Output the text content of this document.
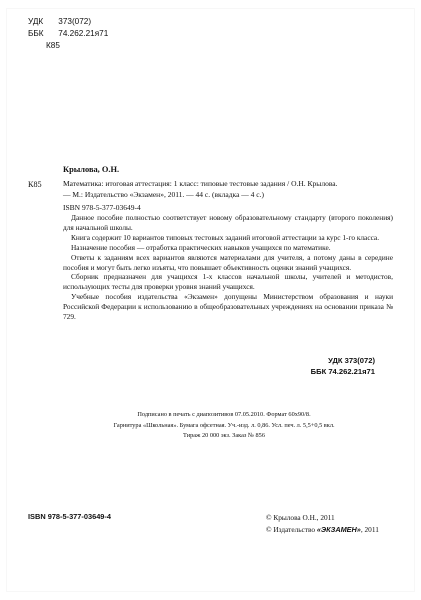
УДК 373(072)
ББК 74.262.21я71
К85
Крылова, О.Н.
К85	Математика: итоговая аттестация: 1 класс: типовые тестовые задания / О.Н. Крылова.
— М.: Издательство «Экзамен», 2011. — 44 с. (вкладка — 4 с.)
ISBN 978-5-377-03649-4

Данное пособие полностью соответствует новому образовательному стандарту (второго поколения) для начальной школы.

Книга содержит 10 вариантов типовых тестовых заданий итоговой аттестации за курс 1-го класса.

Назначение пособия — отработка практических навыков учащихся по математике.

Ответы к заданиям всех вариантов являются материалами для учителя, а потому даны в середине пособия и могут быть легко изъяты, что повышает объективность оценки знаний учащихся.

Сборник предназначен для учащихся 1-х классов начальной школы, учителей и методистов, использующих тесты для проверки уровня знаний учащихся.

Учебные пособия издательства «Экзамен» допущены Министерством образования и науки Российской Федерации к использованию в общеобразовательных учреждениях на основании приказа № 729.

УДК 373(072)
ББК 74.262.21я71
Подписано в печать с диапозитивов 07.05.2010. Формат 60х90/8.
Гарнитура «Школьная». Бумага офсетная. Уч.-изд. л. 0,86. Усл. печ. л. 5,5+0,5 вкл.
Тираж 20 000 экз. Заказ № 856
ISBN 978-5-377-03649-4	© Крылова О.Н., 2011
© Издательство «ЭКЗАМЕН», 2011
